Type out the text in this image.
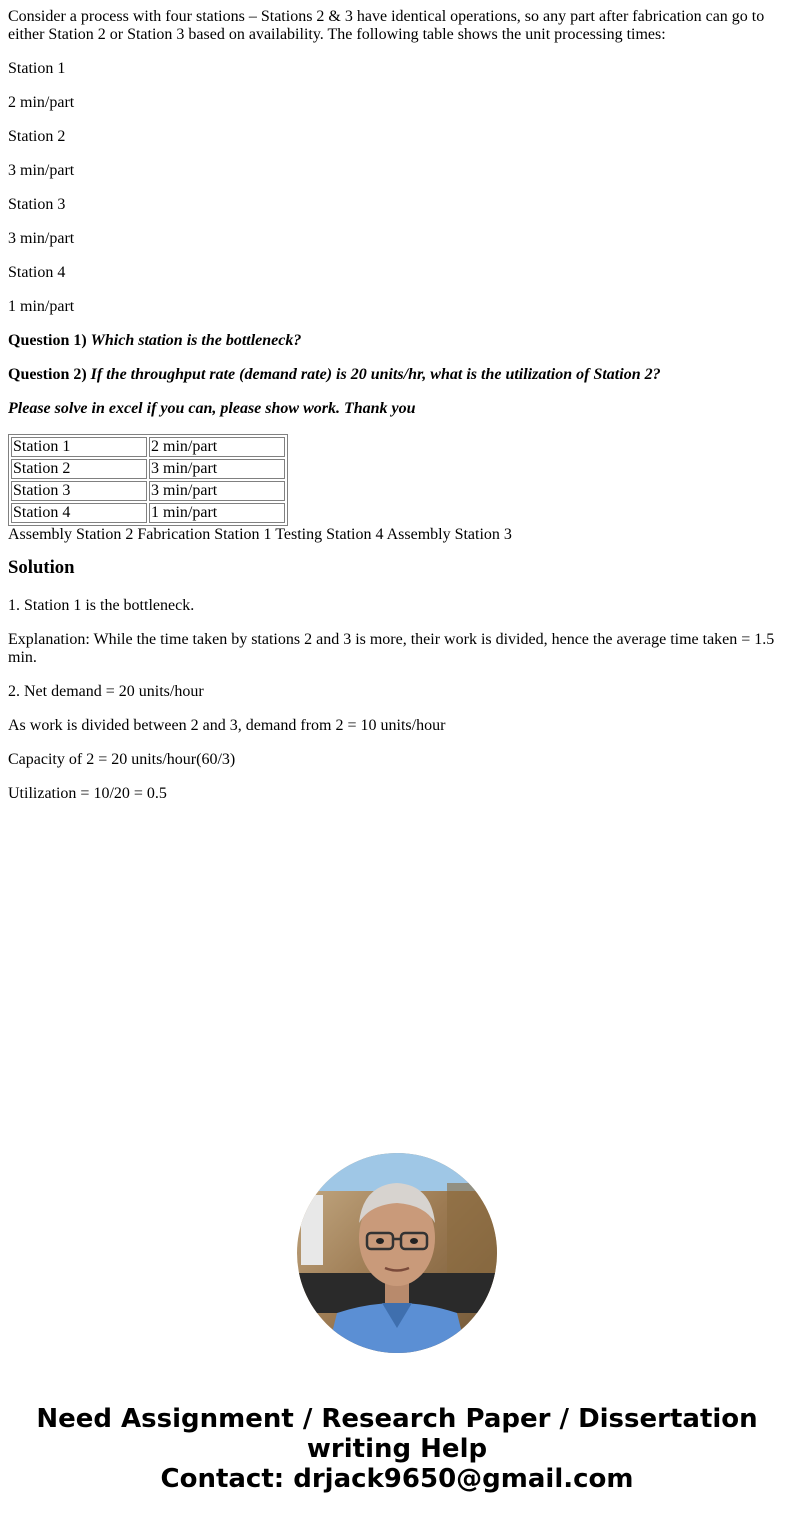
Consider a process with four stations – Stations 2 & 3 have identical operations, so any part after fabrication can go to either Station 2 or Station 3 based on availability. The following table shows the unit processing times:

Station 1

2 min/part

Station 2

3 min/part

Station 3

3 min/part

Station 4

1 min/part

Question 1) Which station is the bottleneck?

Question 2) If the throughput rate (demand rate) is 20 units/hr, what is the utilization of Station 2?

Please solve in excel if you can, please show work. Thank you

Station 1	2 min/part
Station 2	3 min/part
Station 3	3 min/part
Station 4	1 min/part
Assembly Station 2 Fabrication Station 1 Testing Station 4 Assembly Station 3
Solution

1. Station 1 is the bottleneck.

Explanation: While the time taken by stations 2 and 3 is more, their work is divided, hence the average time taken = 1.5 min.

2. Net demand = 20 units/hour

As work is divided between 2 and 3, demand from 2 = 10 units/hour

Capacity of 2 = 20 units/hour(60/3)

Utilization = 10/20 = 0.5

Need Assignment / Research Paper / Dissertation writing Help
Contact: drjack9650@gmail.com
